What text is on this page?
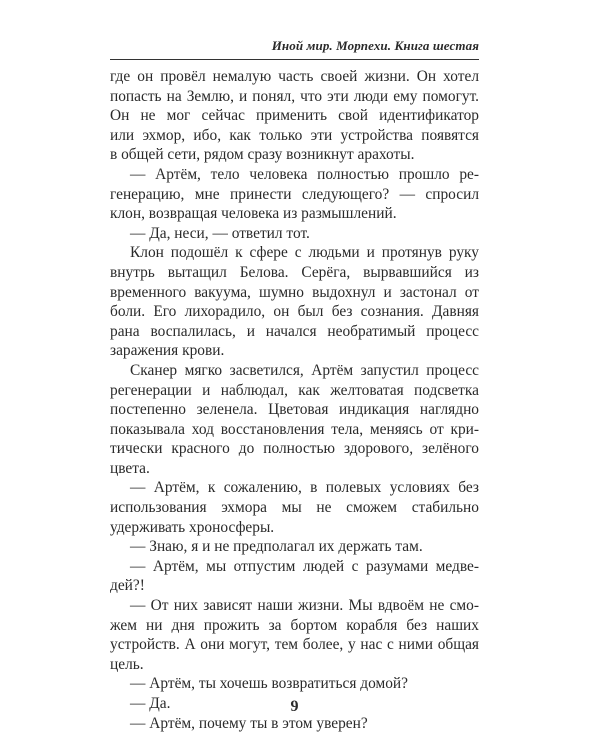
Иной мир. Морпехи. Книга шестая
где он провёл немалую часть своей жизни. Он хотел
попасть на Землю, и понял, что эти люди ему помогут.
Он не мог сейчас применить свой идентификатор
или эхмор, ибо, как только эти устройства появятся
в общей сети, рядом сразу возникнут арахоты.
— Артём, тело человека полностью прошло ре-
генерацию, мне принести следующего? — спросил
клон, возвращая человека из размышлений.
— Да, неси, — ответил тот.
Клон подошёл к сфере с людьми и протянув руку
внутрь вытащил Белова. Серёга, вырвавшийся из
временного вакуума, шумно выдохнул и застонал от
боли. Его лихорадило, он был без сознания. Давняя
рана воспалилась, и начался необратимый процесс
заражения крови.
Сканер мягко засветился, Артём запустил процесс
регенерации и наблюдал, как желтоватая подсветка
постепенно зеленела. Цветовая индикация наглядно
показывала ход восстановления тела, меняясь от кри-
тически красного до полностью здорового, зелёного
цвета.
— Артём, к сожалению, в полевых условиях без
использования эхмора мы не сможем стабильно
удерживать хроносферы.
— Знаю, я и не предполагал их держать там.
— Артём, мы отпустим людей с разумами медве-
дей?!
— От них зависят наши жизни. Мы вдвоём не смо-
жем ни дня прожить за бортом корабля без наших
устройств. А они могут, тем более, у нас с ними общая
цель.
— Артём, ты хочешь возвратиться домой?
— Да.
— Артём, почему ты в этом уверен?
9
